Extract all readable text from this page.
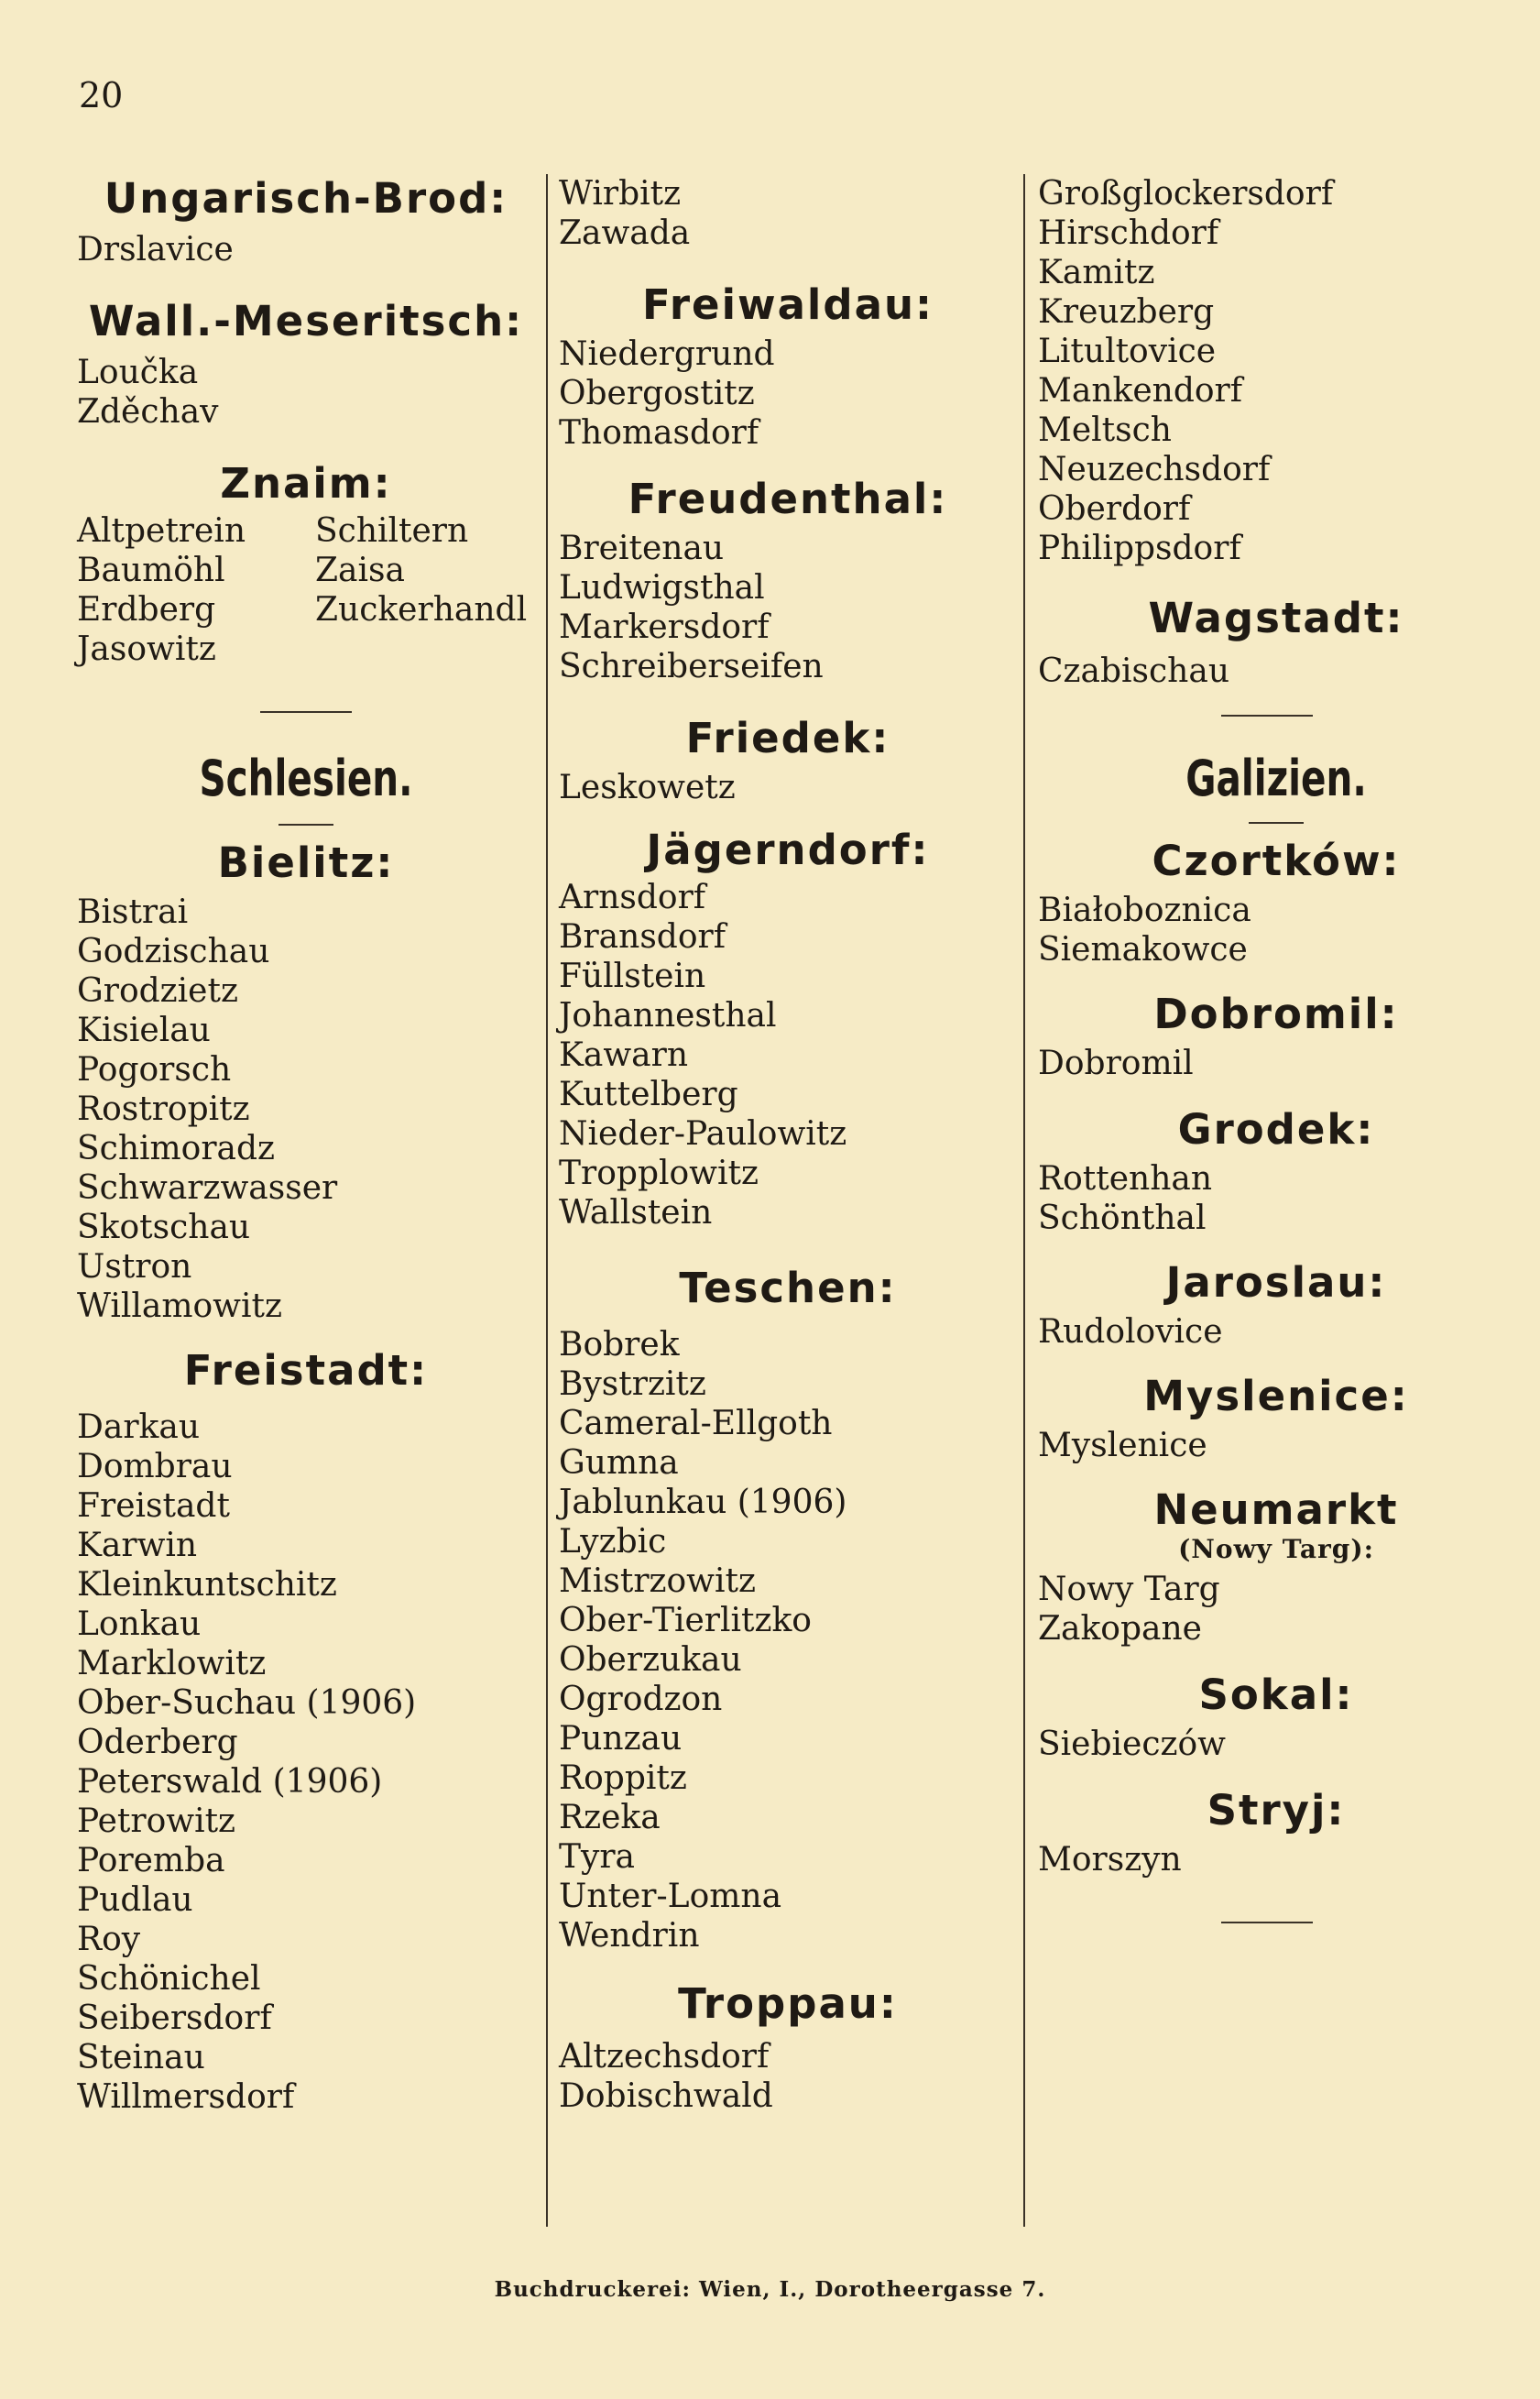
20
Ungarisch-Brod:
Drslavice
Wall.-Meseritsch:
Loučka
Zděchav
Znaim:
Altpetrein
Baumöhl
Erdberg
Jasowitz
Schiltern
Zaisa
Zuckerhandl
Schlesien.
Bielitz:
Bistrai
Godzischau
Grodzietz
Kisielau
Pogorsch
Rostropitz
Schimoradz
Schwarzwasser
Skotschau
Ustron
Willamowitz
Freistadt:
Darkau
Dombrau
Freistadt
Karwin
Kleinkuntschitz
Lonkau
Marklowitz
Ober-Suchau (1906)
Oderberg
Peterswald (1906)
Petrowitz
Poremba
Pudlau
Roy
Schönichel
Seibersdorf
Steinau
Willmersdorf
Wirbitz
Zawada
Freiwaldau:
Niedergrund
Obergostitz
Thomasdorf
Freudenthal:
Breitenau
Ludwigsthal
Markersdorf
Schreiberseifen
Friedek:
Leskowetz
Jägerndorf:
Arnsdorf
Bransdorf
Füllstein
Johannesthal
Kawarn
Kuttelberg
Nieder-Paulowitz
Tropplowitz
Wallstein
Teschen:
Bobrek
Bystrzitz
Cameral-Ellgoth
Gumna
Jablunkau (1906)
Lyzbic
Mistrzowitz
Ober-Tierlitzko
Oberzukau
Ogrodzon
Punzau
Roppitz
Rzeka
Tyra
Unter-Lomna
Wendrin
Troppau:
Altzechsdorf
Dobischwald
Großglockersdorf
Hirschdorf
Kamitz
Kreuzberg
Litultovice
Mankendorf
Meltsch
Neuzechsdorf
Oberdorf
Philippsdorf
Wagstadt:
Czabischau
Galizien.
Czortków:
Białoboznica
Siemakowce
Dobromil:
Dobromil
Grodek:
Rottenhan
Schönthal
Jaroslau:
Rudolovice
Myslenice:
Myslenice
Neumarkt
(Nowy Targ):
Nowy Targ
Zakopane
Sokal:
Siebieczów
Stryj:
Morszyn
Buchdruckerei: Wien, I., Dorotheergasse 7.
